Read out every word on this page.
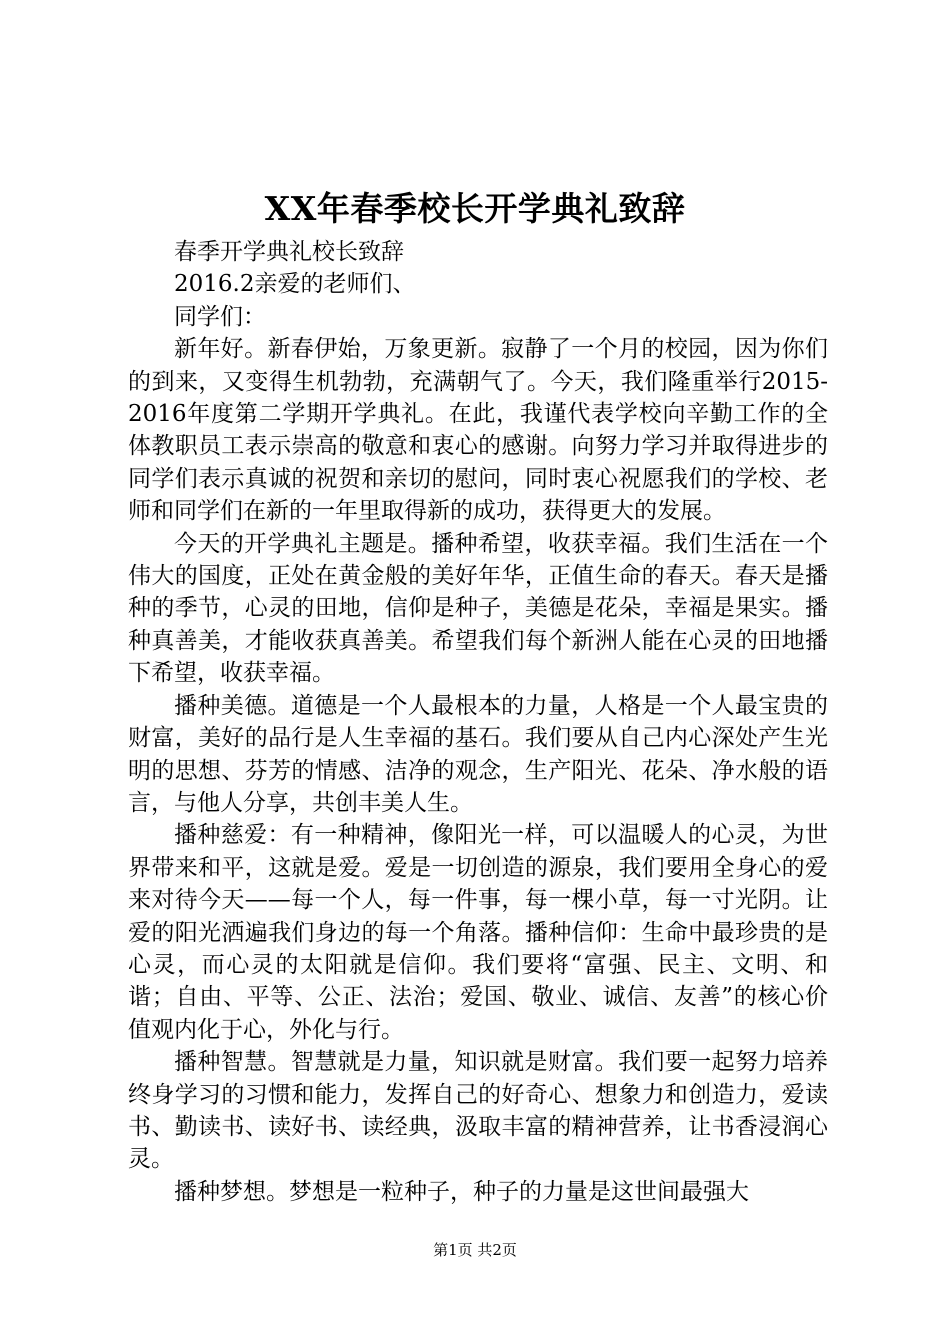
XX年春季校长开学典礼致辞

春季开学典礼校长致辞

2016.2亲爱的老师们、

同学们：

新年好。新春伊始，万象更新。寂静了一个月的校园，因为你们的到来，又变得生机勃勃，充满朝气了。今天，我们隆重举行2015-2016年度第二学期开学典礼。在此，我谨代表学校向辛勤工作的全体教职员工表示崇高的敬意和衷心的感谢。向努力学习并取得进步的同学们表示真诚的祝贺和亲切的慰问，同时衷心祝愿我们的学校、老师和同学们在新的一年里取得新的成功，获得更大的发展。

今天的开学典礼主题是。播种希望，收获幸福。我们生活在一个伟大的国度，正处在黄金般的美好年华，正值生命的春天。春天是播种的季节，心灵的田地，信仰是种子，美德是花朵，幸福是果实。播种真善美，才能收获真善美。希望我们每个新洲人能在心灵的田地播下希望，收获幸福。

播种美德。道德是一个人最根本的力量，人格是一个人最宝贵的财富，美好的品行是人生幸福的基石。我们要从自己内心深处产生光明的思想、芬芳的情感、洁净的观念，生产阳光、花朵、净水般的语言，与他人分享，共创丰美人生。

播种慈爱：有一种精神，像阳光一样，可以温暖人的心灵，为世界带来和平，这就是爱。爱是一切创造的源泉，我们要用全身心的爱来对待今天——每一个人，每一件事，每一棵小草，每一寸光阴。让爱的阳光洒遍我们身边的每一个角落。播种信仰：生命中最珍贵的是心灵，而心灵的太阳就是信仰。我们要将“富强、民主、文明、和谐；自由、平等、公正、法治；爱国、敬业、诚信、友善”的核心价值观内化于心，外化与行。

播种智慧。智慧就是力量，知识就是财富。我们要一起努力培养终身学习的习惯和能力，发挥自己的好奇心、想象力和创造力，爱读书、勤读书、读好书、读经典，汲取丰富的精神营养，让书香浸润心灵。

播种梦想。梦想是一粒种子，种子的力量是这世间最强大

第1页 共2页
